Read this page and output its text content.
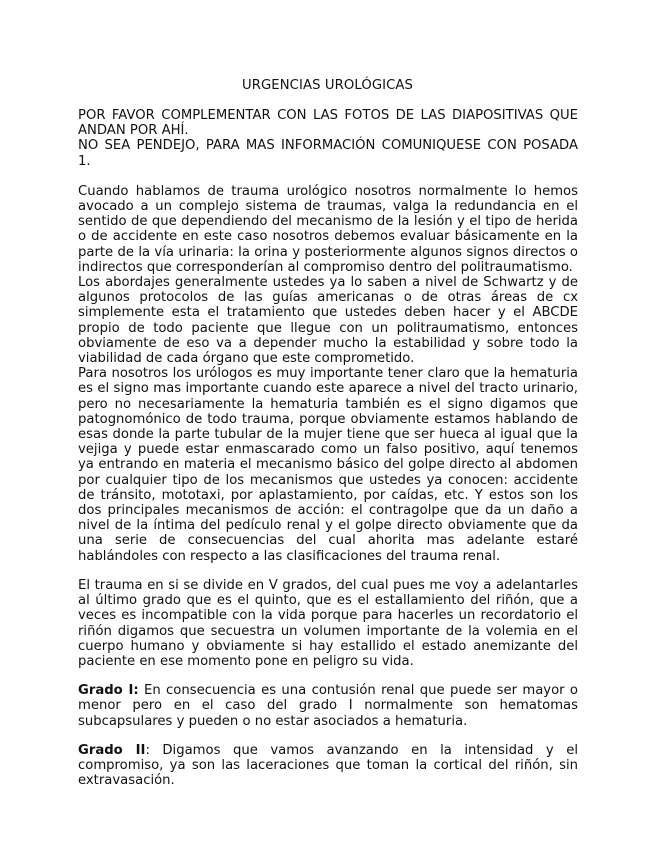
URGENCIAS UROLÓGICAS

POR FAVOR COMPLEMENTAR CON LAS FOTOS DE LAS DIAPOSITIVAS QUE ANDAN POR AHÍ.

NO SEA PENDEJO, PARA MAS INFORMACIÓN COMUNIQUESE CON POSADA 1.

Cuando hablamos de trauma urológico nosotros normalmente lo hemos avocado a un complejo sistema de traumas, valga la redundancia en el sentido de que dependiendo del mecanismo de la lesión y el tipo de herida o de accidente en este caso nosotros debemos evaluar básicamente en la parte de la vía urinaria: la orina y posteriormente algunos signos directos o indirectos que corresponderían al compromiso dentro del politraumatismo.

Los abordajes generalmente ustedes ya lo saben a nivel de Schwartz y de algunos protocolos de las guías americanas o de otras áreas de cx simplemente esta el tratamiento que ustedes deben hacer y el ABCDE propio de todo paciente que llegue con un politraumatismo, entonces obviamente de eso va a depender mucho la estabilidad y sobre todo la viabilidad de cada órgano que este comprometido.

Para nosotros los urólogos es muy importante tener claro que la hematuria es el signo mas importante cuando este aparece a nivel del tracto urinario, pero no necesariamente la hematuria también es el signo digamos que patognomónico de todo trauma, porque obviamente estamos hablando de esas donde la parte tubular de la mujer tiene que ser hueca al igual que la vejiga y puede estar enmascarado como un falso positivo, aquí tenemos ya entrando en materia el mecanismo básico del golpe directo al abdomen por cualquier tipo de los mecanismos que ustedes ya conocen: accidente de tránsito, mototaxi, por aplastamiento, por caídas, etc. Y estos son los dos principales mecanismos de acción: el contragolpe que da un daño a nivel de la íntima del pedículo renal y el golpe directo obviamente que da una serie de consecuencias del cual ahorita mas adelante estaré hablándoles con respecto a las clasificaciones del trauma renal.

El trauma en si se divide en V grados, del cual pues me voy a adelantarles al último grado que es el quinto, que es el estallamiento del riñón, que a veces es incompatible con la vida porque para hacerles un recordatorio el riñón digamos que secuestra un volumen importante de la volemia en el cuerpo humano y obviamente si hay estallido el estado anemizante del paciente en ese momento pone en peligro su vida.

Grado I: En consecuencia es una contusión renal que puede ser mayor o menor pero en el caso del grado I normalmente son hematomas subcapsulares y pueden o no estar asociados a hematuria.

Grado II: Digamos que vamos avanzando en la intensidad y el compromiso, ya son las laceraciones que toman la cortical del riñón, sin extravasación.
